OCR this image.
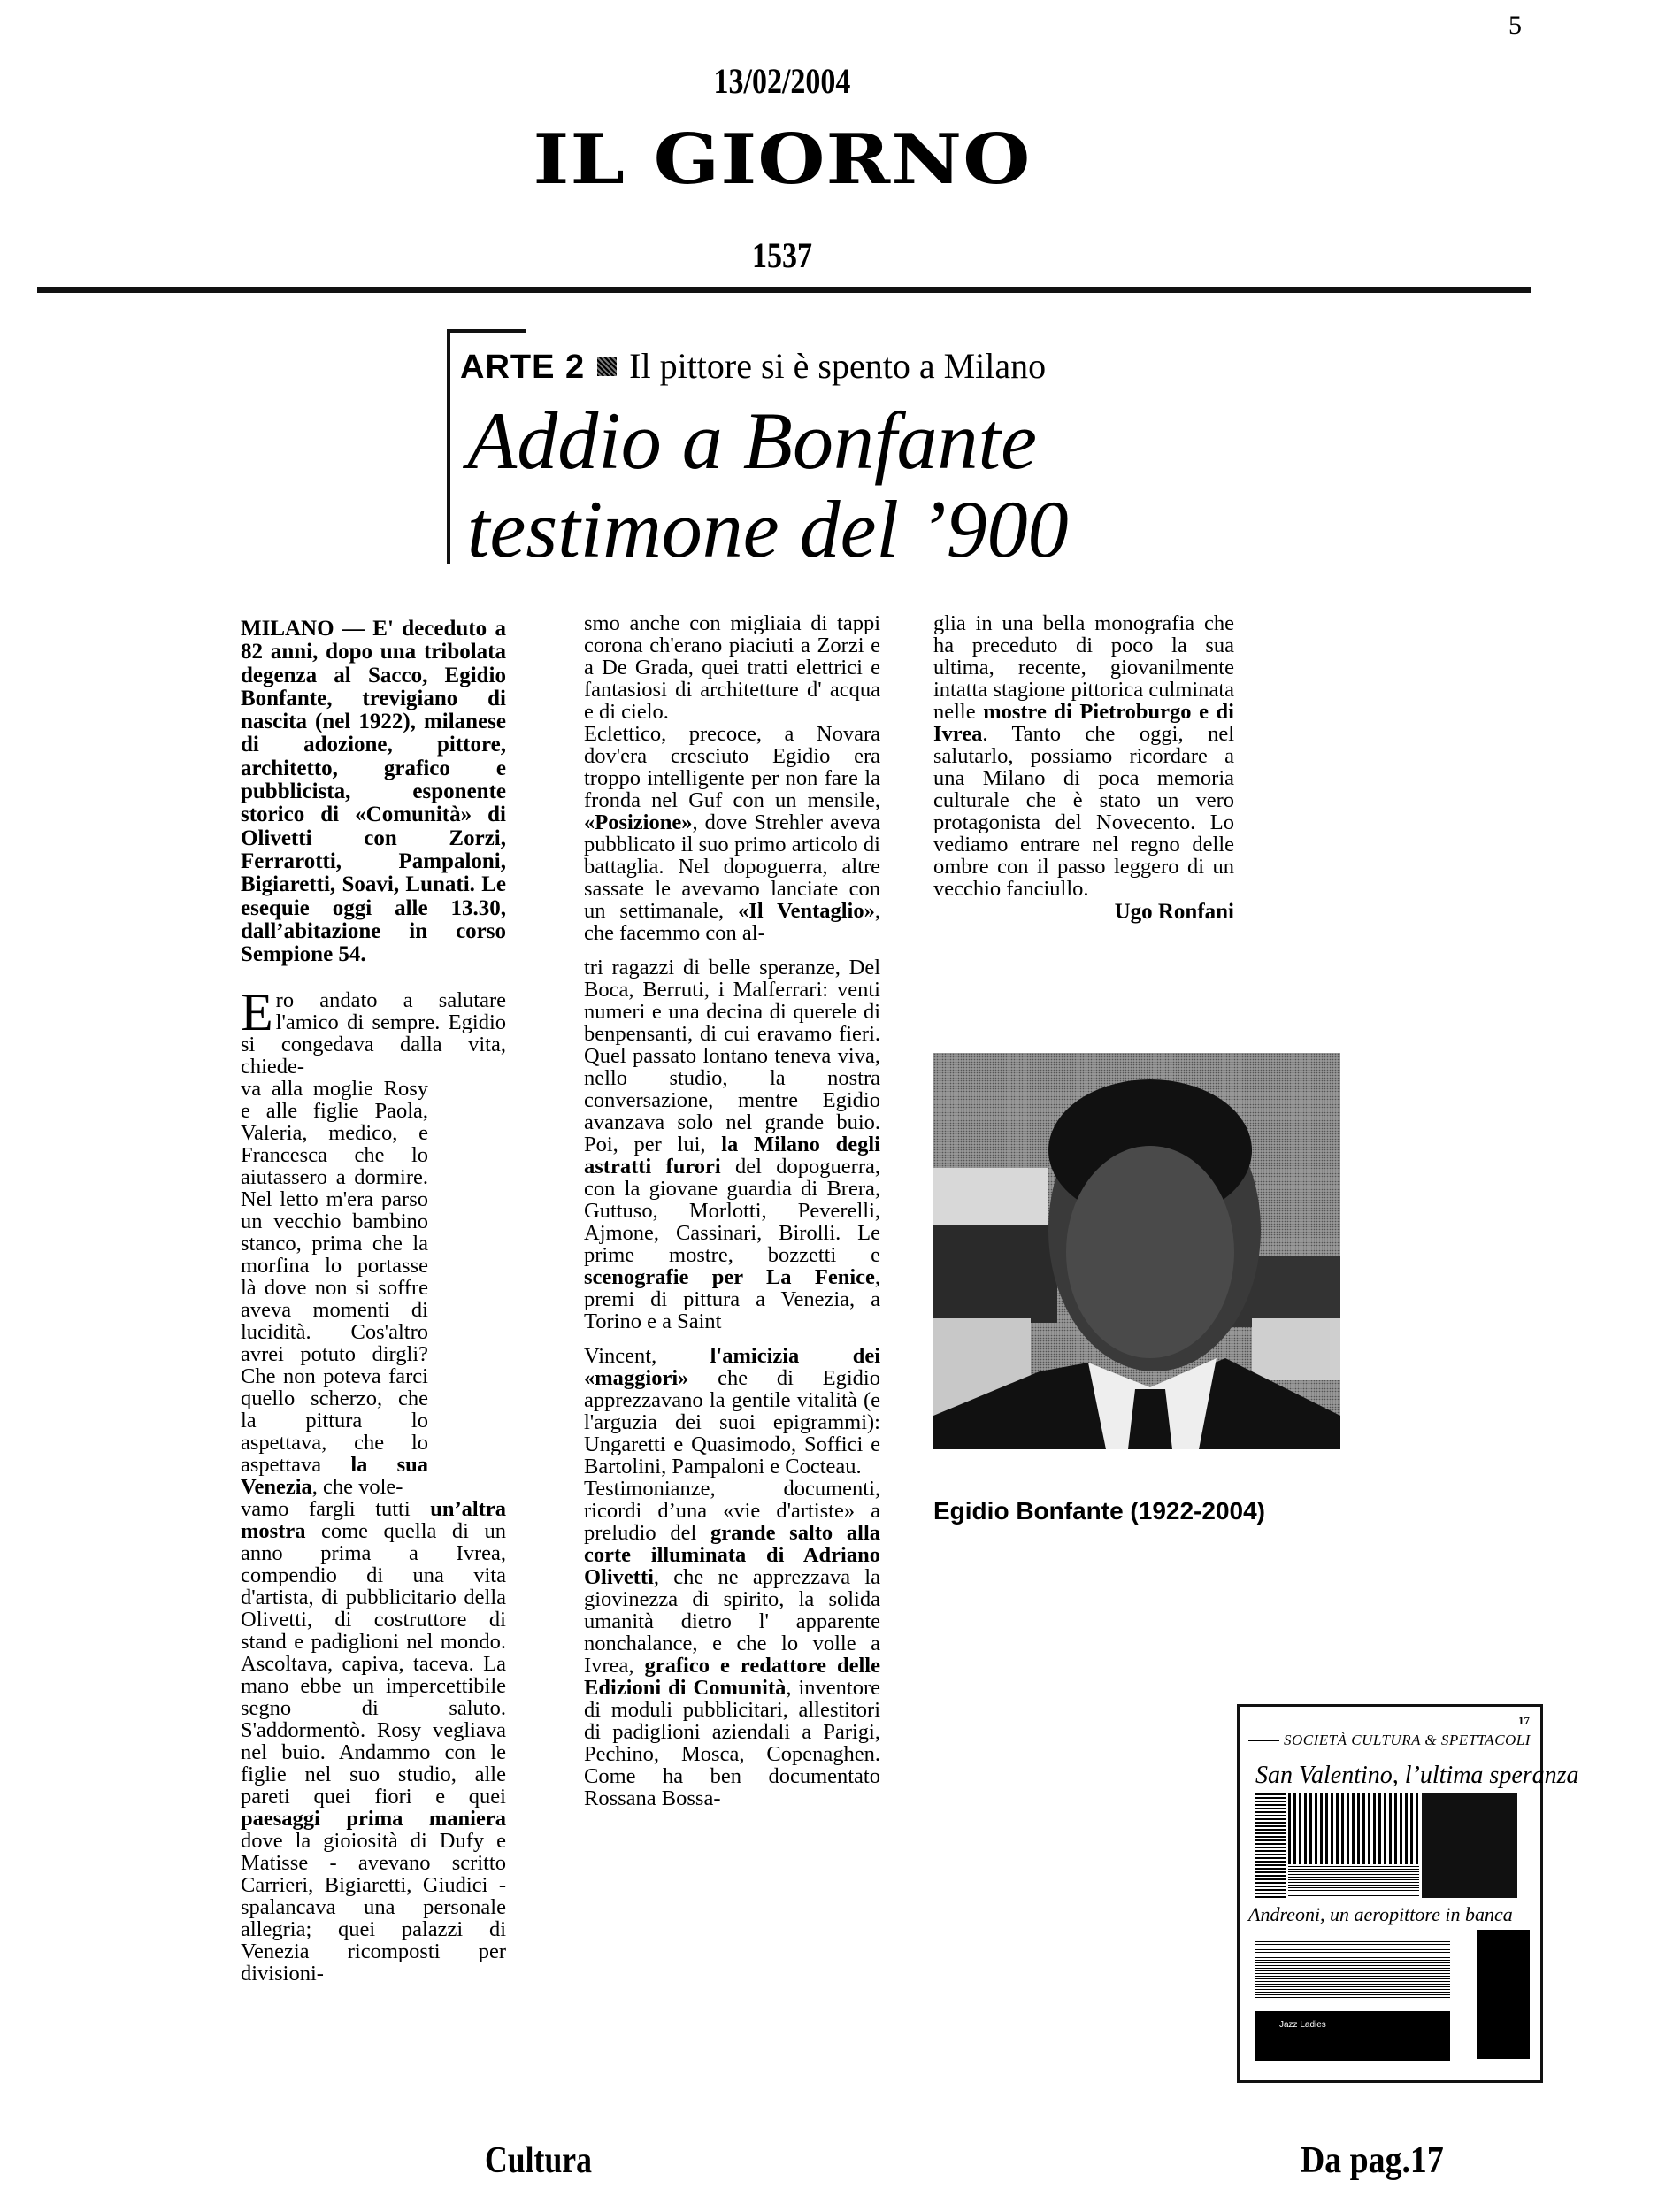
5
13/02/2004
IL GIORNO
1537
ARTE 2 Il pittore si è spento a Milano
Addio a Bonfante
testimone del ’900
MILANO — E' deceduto a 82 anni, dopo una tribolata degenza al Sacco, Egidio Bonfante, trevigiano di nascita (nel 1922), milanese di adozione, pittore, architetto, grafico e pubblicista, esponente storico di «Comunità» di Olivetti con Zorzi, Ferrarotti, Pampaloni, Bigiaretti, Soavi, Lunati. Le esequie oggi alle 13.30, dall’abitazione in corso Sempione 54.
Ero andato a salutare l'amico di sempre. Egidio si congedava dalla vita, chiede-
va alla moglie Rosy e alle figlie Paola, Valeria, medico, e Francesca che lo aiutassero a dormire. Nel letto m'era parso un vecchio bambino stanco, prima che la morfina lo portasse là dove non si soffre aveva momenti di lucidità. Cos'altro avrei potuto dirgli? Che non poteva farci quello scherzo, che la pittura lo aspettava, che lo aspettava la sua Venezia, che vole-
vamo fargli tutti un’altra mostra come quella di un anno prima a Ivrea, compendio di una vita d'artista, di pubblicitario della Olivetti, di costruttore di stand e padiglioni nel mondo. Ascoltava, capiva, taceva. La mano ebbe un impercettibile segno di saluto. S'addormentò. Rosy vegliava nel buio. Andammo con le figlie nel suo studio, alle pareti quei fiori e quei paesaggi prima maniera dove la gioiosità di Dufy e Matisse - avevano scritto Carrieri, Bigiaretti, Giudici - spalancava una personale allegria; quei palazzi di Venezia ricomposti per divisioni-
smo anche con migliaia di tappi corona ch'erano piaciuti a Zorzi e a De Grada, quei tratti elettrici e fantasiosi di architetture d' acqua e di cielo.
Eclettico, precoce, a Novara dov'era cresciuto Egidio era troppo intelligente per non fare la fronda nel Guf con un mensile, «Posizione», dove Strehler aveva pubblicato il suo primo articolo di battaglia. Nel dopoguerra, altre sassate le avevamo lanciate con un settimanale, «Il Ventaglio», che facemmo con al-
tri ragazzi di belle speranze, Del Boca, Berruti, i Malferrari: venti numeri e una decina di querele di benpensanti, di cui eravamo fieri. Quel passato lontano teneva viva, nello studio, la nostra conversazione, mentre Egidio avanzava solo nel grande buio. Poi, per lui, la Milano degli astratti furori del dopoguerra, con la giovane guardia di Brera, Guttuso, Morlotti, Peverelli, Ajmone, Cassinari, Birolli. Le prime mostre, bozzetti e scenografie per La Fenice, premi di pittura a Venezia, a Torino e a Saint
Vincent, l'amicizia dei «maggiori» che di Egidio apprezzavano la gentile vitalità (e l'arguzia dei suoi epigrammi): Ungaretti e Quasimodo, Soffici e Bartolini, Pampaloni e Cocteau.
Testimonianze, documenti, ricordi d’una «vie d'artiste» a preludio del grande salto alla corte illuminata di Adriano Olivetti, che ne apprezzava la giovinezza di spirito, la solida umanità dietro l' apparente nonchalance, e che lo volle a Ivrea, grafico e redattore delle Edizioni di Comunità, inventore di moduli pubblicitari, allestitori di padiglioni aziendali a Parigi, Pechino, Mosca, Copenaghen. Come ha ben documentato Rossana Bossa-
glia in una bella monografia che ha preceduto di poco la sua ultima, recente, giovanilmente intatta stagione pittorica culminata nelle mostre di Pietroburgo e di Ivrea. Tanto che oggi, nel salutarlo, possiamo ricordare a una Milano di poca memoria culturale che è stato un vero protagonista del Novecento. Lo vediamo entrare nel regno delle ombre con il passo leggero di un vecchio fanciullo.
Ugo Ronfani
Egidio Bonfante (1922-2004)
SOCIETÀ CULTURA & SPETTACOLI
17
San Valentino, l’ultima speranza
Andreoni, un aeropittore in banca
Jazz Ladies
Cultura	Da pag.17
